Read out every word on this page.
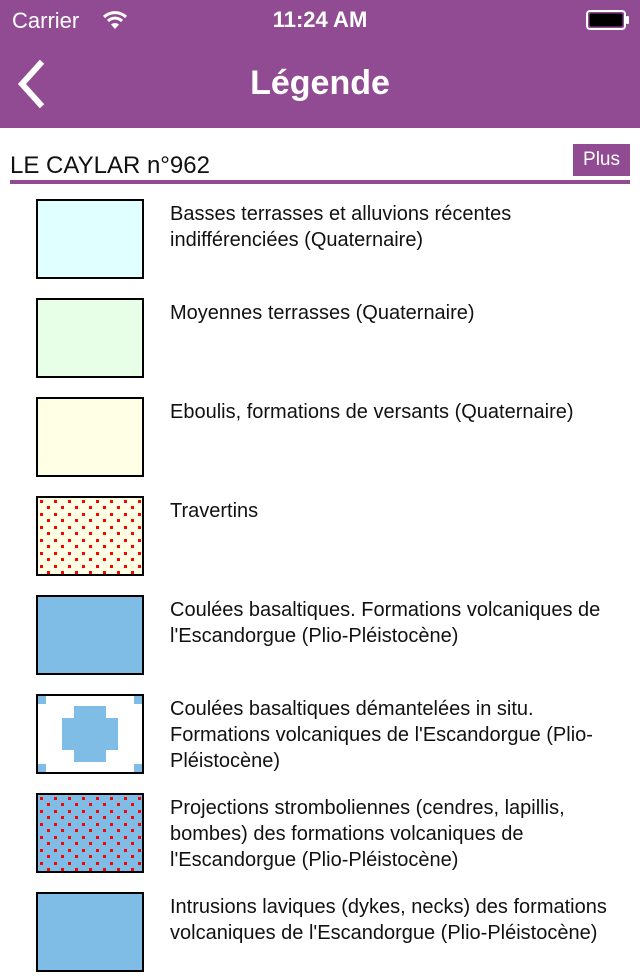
Carrier	11:24 AM
Légende
LE CAYLAR n°962	Plus
Basses terrasses et alluvions récentes indifférenciées (Quaternaire)
Moyennes terrasses (Quaternaire)
Eboulis, formations de versants (Quaternaire)
Travertins
Coulées basaltiques. Formations volcaniques de l'Escandorgue (Plio-Pléistocène)
Coulées basaltiques démantelées in situ. Formations volcaniques de l'Escandorgue (Plio-Pléistocène)
Projections stromboliennes (cendres, lapillis, bombes) des formations volcaniques de l'Escandorgue (Plio-Pléistocène)
Intrusions laviques (dykes, necks) des formations volcaniques de l'Escandorgue (Plio-Pléistocène)
